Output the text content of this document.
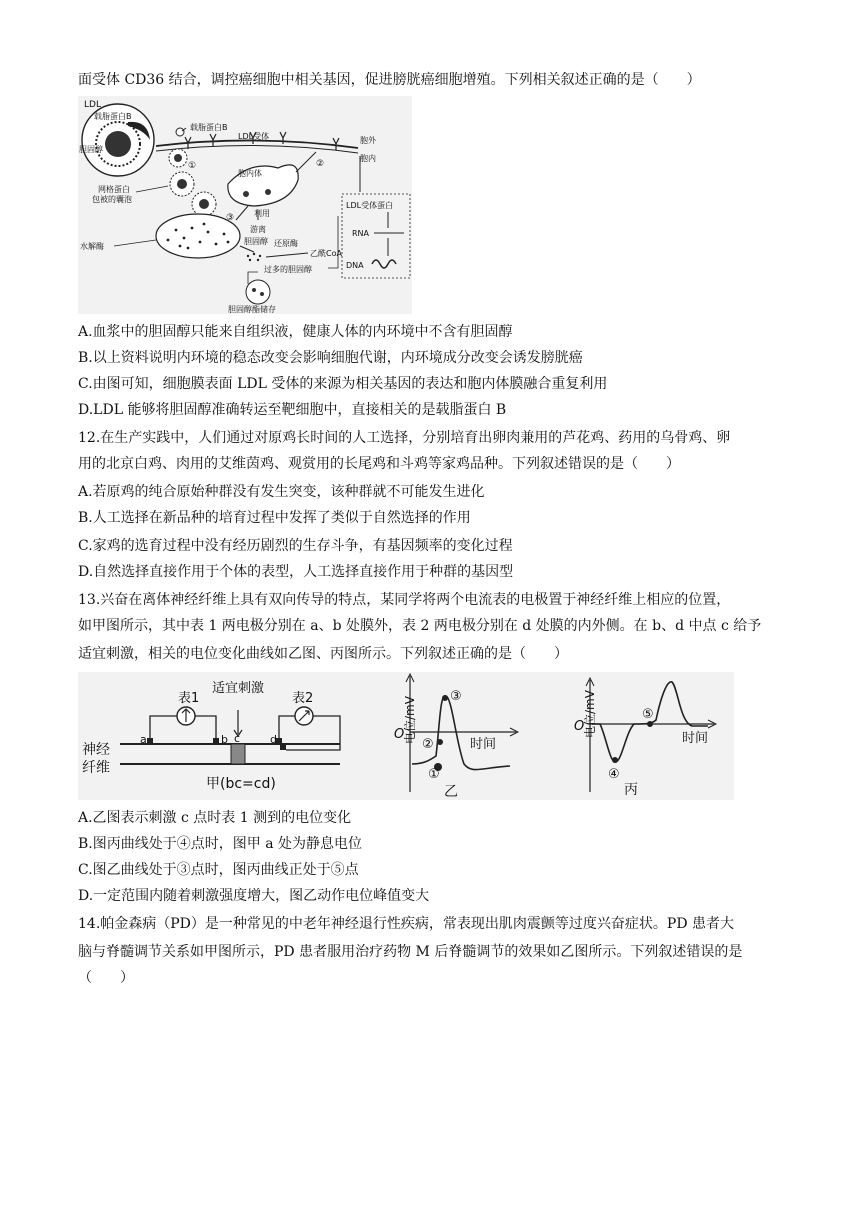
面受体 CD36 结合，调控癌细胞中相关基因，促进膀胱癌细胞增殖。下列相关叙述正确的是（　　）
LDL
载脂蛋白B
胆固醇
载脂蛋白B
LDL受体	胞外
胞内
①
网格蛋白
包被的囊泡
胞内体
②
③
水解酶
利用
游离
胆固醇 还原酶
乙酰CoA
过多的胆固醇
胆固醇酯储存
LDL受体蛋白
RNA
DNA
A.血浆中的胆固醇只能来自组织液，健康人体的内环境中不含有胆固醇
B.以上资料说明内环境的稳态改变会影响细胞代谢，内环境成分改变会诱发膀胱癌
C.由图可知，细胞膜表面 LDL 受体的来源为相关基因的表达和胞内体膜融合重复利用
D.LDL 能够将胆固醇准确转运至靶细胞中，直接相关的是载脂蛋白 B
12.在生产实践中，人们通过对原鸡长时间的人工选择，分别培育出卵肉兼用的芦花鸡、药用的乌骨鸡、卵
用的北京白鸡、肉用的艾维茵鸡、观赏用的长尾鸡和斗鸡等家鸡品种。下列叙述错误的是（　　）
A.若原鸡的纯合原始种群没有发生突变，该种群就不可能发生进化
B.人工选择在新品种的培育过程中发挥了类似于自然选择的作用
C.家鸡的选育过程中没有经历剧烈的生存斗争，有基因频率的变化过程
D.自然选择直接作用于个体的表型，人工选择直接作用于种群的基因型
13.兴奋在离体神经纤维上具有双向传导的特点，某同学将两个电流表的电极置于神经纤维上相应的位置，
如甲图所示，其中表 1 两电极分别在 a、b 处膜外，表 2 两电极分别在 d 处膜的内外侧。在 b、d 中点 c 给予
适宜刺激，相关的电位变化曲线如乙图、丙图所示。下列叙述正确的是（　　）
表1	表2
适宜刺激
a	b c	d
神经
纤维
甲(bc=cd)
O
电位/mV
时间
①
②
③
乙
O
电位/mV
时间
④
⑤
丙
A.乙图表示刺激 c 点时表 1 测到的电位变化
B.图丙曲线处于④点时，图甲 a 处为静息电位
C.图乙曲线处于③点时，图丙曲线正处于⑤点
D.一定范围内随着刺激强度增大，图乙动作电位峰值变大
14.帕金森病（PD）是一种常见的中老年神经退行性疾病，常表现出肌肉震颤等过度兴奋症状。PD 患者大
脑与脊髓调节关系如甲图所示，PD 患者服用治疗药物 M 后脊髓调节的效果如乙图所示。下列叙述错误的是
（　　）
